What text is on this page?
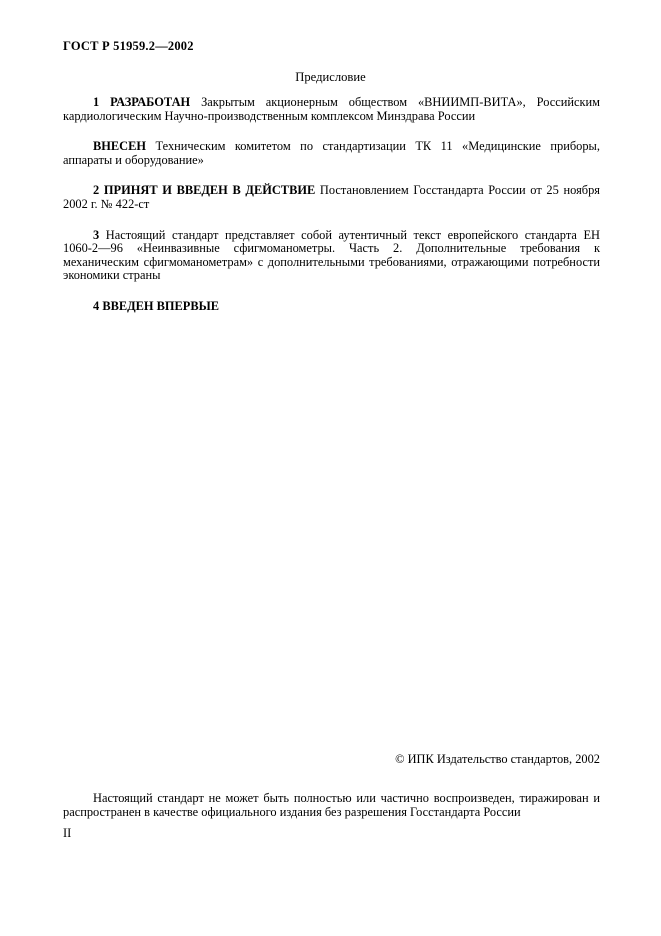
ГОСТ Р 51959.2—2002
Предисловие

1 РАЗРАБОТАН Закрытым акционерным обществом «ВНИИМП-ВИТА», Российским кардиологическим Научно-производственным комплексом Минздрава России

ВНЕСЕН Техническим комитетом по стандартизации ТК 11 «Медицинские приборы, аппараты и оборудование»

2 ПРИНЯТ И ВВЕДЕН В ДЕЙСТВИЕ Постановлением Госстандарта России от 25 ноября 2002 г. № 422-ст

3 Настоящий стандарт представляет собой аутентичный текст европейского стандарта ЕН 1060-2—96 «Неинвазивные сфигмоманометры. Часть 2. Дополнительные требования к механическим сфигмоманометрам» с дополнительными требованиями, отражающими потребности экономики страны

4 ВВЕДЕН ВПЕРВЫЕ

© ИПК Издательство стандартов, 2002

Настоящий стандарт не может быть полностью или частично воспроизведен, тиражирован и распространен в качестве официального издания без разрешения Госстандарта России

II
